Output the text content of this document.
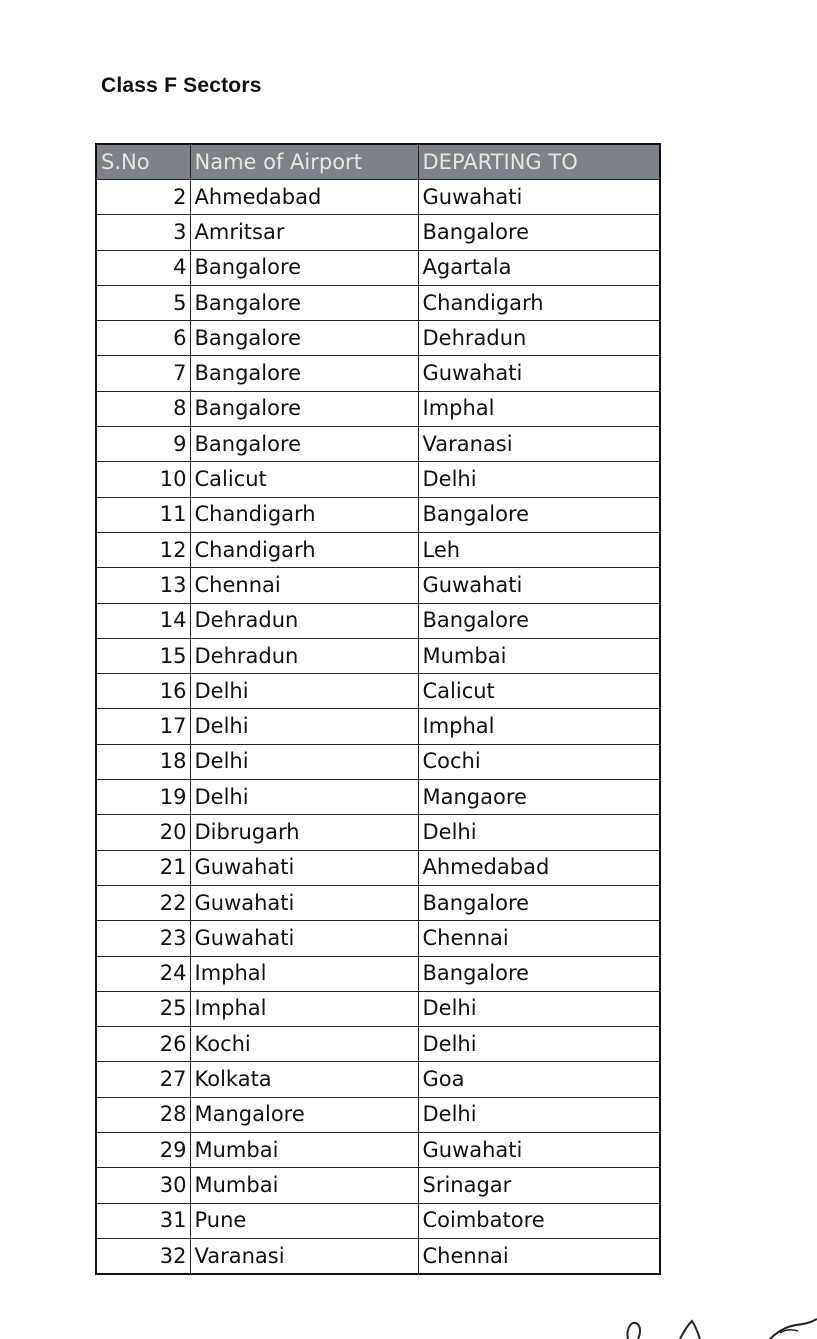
Class F Sectors
S.No	Name of Airport	DEPARTING TO
2	Ahmedabad	Guwahati
3	Amritsar	Bangalore
4	Bangalore	Agartala
5	Bangalore	Chandigarh
6	Bangalore	Dehradun
7	Bangalore	Guwahati
8	Bangalore	Imphal
9	Bangalore	Varanasi
10	Calicut	Delhi
11	Chandigarh	Bangalore
12	Chandigarh	Leh
13	Chennai	Guwahati
14	Dehradun	Bangalore
15	Dehradun	Mumbai
16	Delhi	Calicut
17	Delhi	Imphal
18	Delhi	Cochi
19	Delhi	Mangaore
20	Dibrugarh	Delhi
21	Guwahati	Ahmedabad
22	Guwahati	Bangalore
23	Guwahati	Chennai
24	Imphal	Bangalore
25	Imphal	Delhi
26	Kochi	Delhi
27	Kolkata	Goa
28	Mangalore	Delhi
29	Mumbai	Guwahati
30	Mumbai	Srinagar
31	Pune	Coimbatore
32	Varanasi	Chennai
